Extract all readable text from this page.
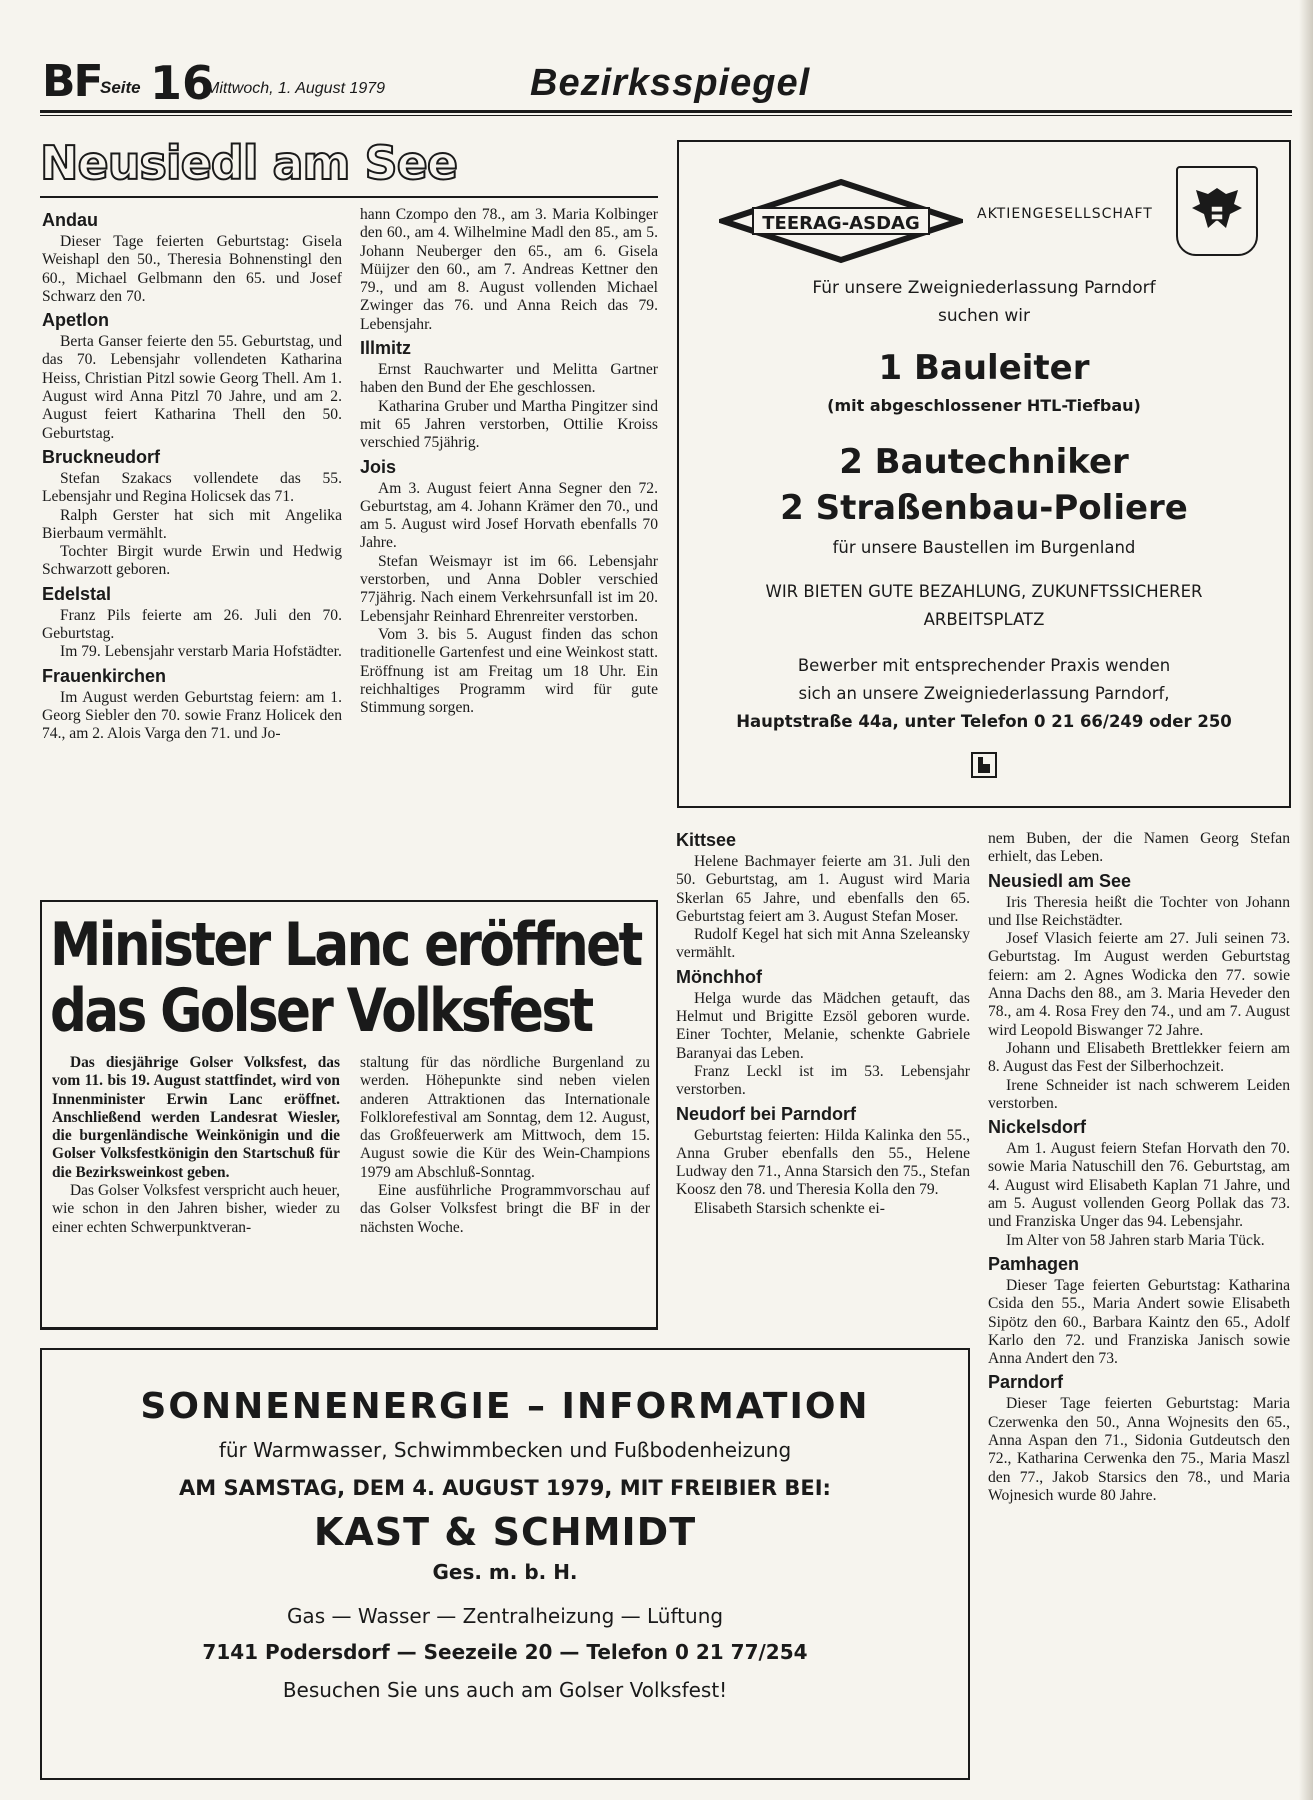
BF
Seite 16
Mittwoch, 1. August 1979	Bezirksspiegel
Neusiedl am See
Andau

Dieser Tage feierten Geburtstag: Gisela Weishapl den 50., Theresia Bohnenstingl den 60., Michael Gelbmann den 65. und Josef Schwarz den 70.

Apetlon

Berta Ganser feierte den 55. Geburtstag, und das 70. Lebensjahr vollendeten Katharina Heiss, Christian Pitzl sowie Georg Thell. Am 1. August wird Anna Pitzl 70 Jahre, und am 2. August feiert Katharina Thell den 50. Geburtstag.

Bruckneudorf

Stefan Szakacs vollendete das 55. Lebensjahr und Regina Holicsek das 71.

Ralph Gerster hat sich mit Angelika Bierbaum vermählt.

Tochter Birgit wurde Erwin und Hedwig Schwarzott geboren.

Edelstal

Franz Pils feierte am 26. Juli den 70. Geburtstag.

Im 79. Lebensjahr verstarb Maria Hofstädter.

Frauenkirchen

Im August werden Geburtstag feiern: am 1. Georg Siebler den 70. sowie Franz Holicek den 74., am 2. Alois Varga den 71. und Jo-

hann Czompo den 78., am 3. Maria Kolbinger den 60., am 4. Wilhelmine Madl den 85., am 5. Johann Neuberger den 65., am 6. Gisela Müijzer den 60., am 7. Andreas Kettner den 79., und am 8. August vollenden Michael Zwinger das 76. und Anna Reich das 79. Lebensjahr.

Illmitz

Ernst Rauchwarter und Melitta Gartner haben den Bund der Ehe geschlossen.

Katharina Gruber und Martha Pingitzer sind mit 65 Jahren verstorben, Ottilie Kroiss verschied 75jährig.

Jois

Am 3. August feiert Anna Segner den 72. Geburtstag, am 4. Johann Krämer den 70., und am 5. August wird Josef Horvath ebenfalls 70 Jahre.

Stefan Weismayr ist im 66. Lebensjahr verstorben, und Anna Dobler verschied 77jährig. Nach einem Verkehrsunfall ist im 20. Lebensjahr Reinhard Ehrenreiter verstorben.

Vom 3. bis 5. August finden das schon traditionelle Gartenfest und eine Weinkost statt. Eröffnung ist am Freitag um 18 Uhr. Ein reichhaltiges Programm wird für gute Stimmung sorgen.

TEERAG-ASDAG	AKTIENGESELLSCHAFT
Für unsere Zweigniederlassung Parndorf
suchen wir
1 Bauleiter
(mit abgeschlossener HTL-Tiefbau)
2 Bautechniker
2 Straßenbau-Poliere
für unsere Baustellen im Burgenland
WIR BIETEN GUTE BEZAHLUNG, ZUKUNFTSSICHERER
ARBEITSPLATZ
Bewerber mit entsprechender Praxis wenden
sich an unsere Zweigniederlassung Parndorf,
Hauptstraße 44a, unter Telefon 0 21 66/249 oder 250
Minister Lanc eröffnet
das Golser Volksfest

Das diesjährige Golser Volksfest, das vom 11. bis 19. August stattfindet, wird von Innenminister Erwin Lanc eröffnet. Anschließend werden Landesrat Wiesler, die burgenländische Weinkönigin und die Golser Volksfestkönigin den Startschuß für die Bezirksweinkost geben.

Das Golser Volksfest verspricht auch heuer, wie schon in den Jahren bisher, wieder zu einer echten Schwerpunktveran-

staltung für das nördliche Burgenland zu werden. Höhepunkte sind neben vielen anderen Attraktionen das Internationale Folklorefestival am Sonntag, dem 12. August, das Großfeuerwerk am Mittwoch, dem 15. August sowie die Kür des Wein-Champions 1979 am Abschluß-Sonntag.

Eine ausführliche Programmvorschau auf das Golser Volksfest bringt die BF in der nächsten Woche.

Kittsee

Helene Bachmayer feierte am 31. Juli den 50. Geburtstag, am 1. August wird Maria Skerlan 65 Jahre, und ebenfalls den 65. Geburtstag feiert am 3. August Stefan Moser.

Rudolf Kegel hat sich mit Anna Szeleansky vermählt.

Mönchhof

Helga wurde das Mädchen getauft, das Helmut und Brigitte Ezsöl geboren wurde. Einer Tochter, Melanie, schenkte Gabriele Baranyai das Leben.

Franz Leckl ist im 53. Lebensjahr verstorben.

Neudorf bei Parndorf

Geburtstag feierten: Hilda Kalinka den 55., Anna Gruber ebenfalls den 55., Helene Ludway den 71., Anna Starsich den 75., Stefan Koosz den 78. und Theresia Kolla den 79.

Elisabeth Starsich schenkte ei-

nem Buben, der die Namen Georg Stefan erhielt, das Leben.

Neusiedl am See

Iris Theresia heißt die Tochter von Johann und Ilse Reichstädter.

Josef Vlasich feierte am 27. Juli seinen 73. Geburtstag. Im August werden Geburtstag feiern: am 2. Agnes Wodicka den 77. sowie Anna Dachs den 88., am 3. Maria Heveder den 78., am 4. Rosa Frey den 74., und am 7. August wird Leopold Biswanger 72 Jahre.

Johann und Elisabeth Brettlekker feiern am 8. August das Fest der Silberhochzeit.

Irene Schneider ist nach schwerem Leiden verstorben.

Nickelsdorf

Am 1. August feiern Stefan Horvath den 70. sowie Maria Natuschill den 76. Geburtstag, am 4. August wird Elisabeth Kaplan 71 Jahre, und am 5. August vollenden Georg Pollak das 73. und Franziska Unger das 94. Lebensjahr.

Im Alter von 58 Jahren starb Maria Tück.

Pamhagen

Dieser Tage feierten Geburtstag: Katharina Csida den 55., Maria Andert sowie Elisabeth Sipötz den 60., Barbara Kaintz den 65., Adolf Karlo den 72. und Franziska Janisch sowie Anna Andert den 73.

Parndorf

Dieser Tage feierten Geburtstag: Maria Czerwenka den 50., Anna Wojnesits den 65., Anna Aspan den 71., Sidonia Gutdeutsch den 72., Katharina Cerwenka den 75., Maria Maszl den 77., Jakob Starsics den 78., und Maria Wojnesich wurde 80 Jahre.

SONNENENERGIE – INFORMATION
für Warmwasser, Schwimmbecken und Fußbodenheizung
AM SAMSTAG, DEM 4. AUGUST 1979, MIT FREIBIER BEI:
KAST & SCHMIDT
Ges. m. b. H.
Gas — Wasser — Zentralheizung — Lüftung
7141 Podersdorf — Seezeile 20 — Telefon 0 21 77/254
Besuchen Sie uns auch am Golser Volksfest!
